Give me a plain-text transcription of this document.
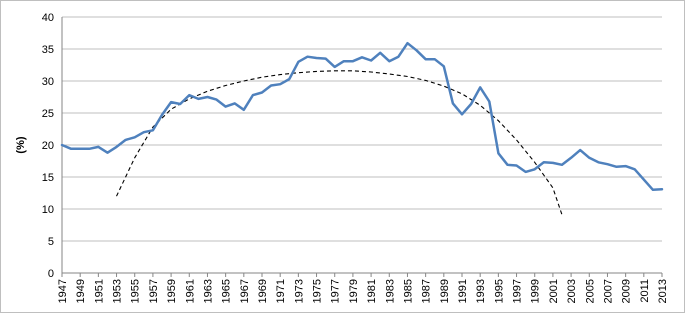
0
5
10
15
20
25
30
35
40
1947 1949 1951 1953 1955 1957 1959 1961 1963 1965 1967 1969 1971 1973 1975 1977 1979 1981 1983 1985 1987 1989 1991 1993 1995 1997 1999 2001 2003 2005 2007 2009 2011 2013
(%)
